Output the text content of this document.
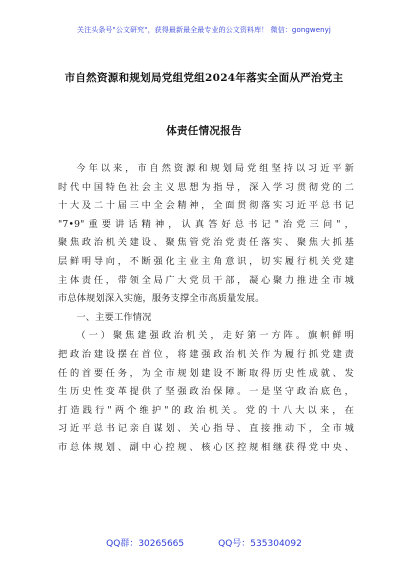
关注头条号"公文研究"，获得最新最全最专业的公文资料库！ 微信：gongwenyj
市自然资源和规划局党组党组2024年落实全面从严治党主
体责任情况报告
今年以来，市自然资源和规划局党组坚持以习近平新
时代中国特色社会主义思想为指导，深入学习贯彻党的二
十大及二十届三中全会精神，全面贯彻落实习近平总书记
"7•9"重要讲话精神，认真答好总书记"治党三问"，
聚焦政治机关建设、聚焦管党治党责任落实、聚焦大抓基
层鲜明导向，不断强化主业主角意识，切实履行机关党建
主体责任，带领全局广大党员干部，凝心聚力推进全市城
市总体规划深入实施，服务支撑全市高质量发展。
一、主要工作情况
（一）聚焦建强政治机关，走好第一方阵。旗帜鲜明
把政治建设摆在首位，将建强政治机关作为履行抓党建责
任的首要任务，为全市规划建设不断取得历史性成就、发
生历史性变革提供了坚强政治保障。一是坚守政治底色，
打造践行"两个维护"的政治机关。党的十八大以来，在
习近平总书记亲自谋划、关心指导、直接推动下，全市城
市总体规划、副中心控规、核心区控规相继获得党中央、
QQ群：30265665	QQ号：535304092
